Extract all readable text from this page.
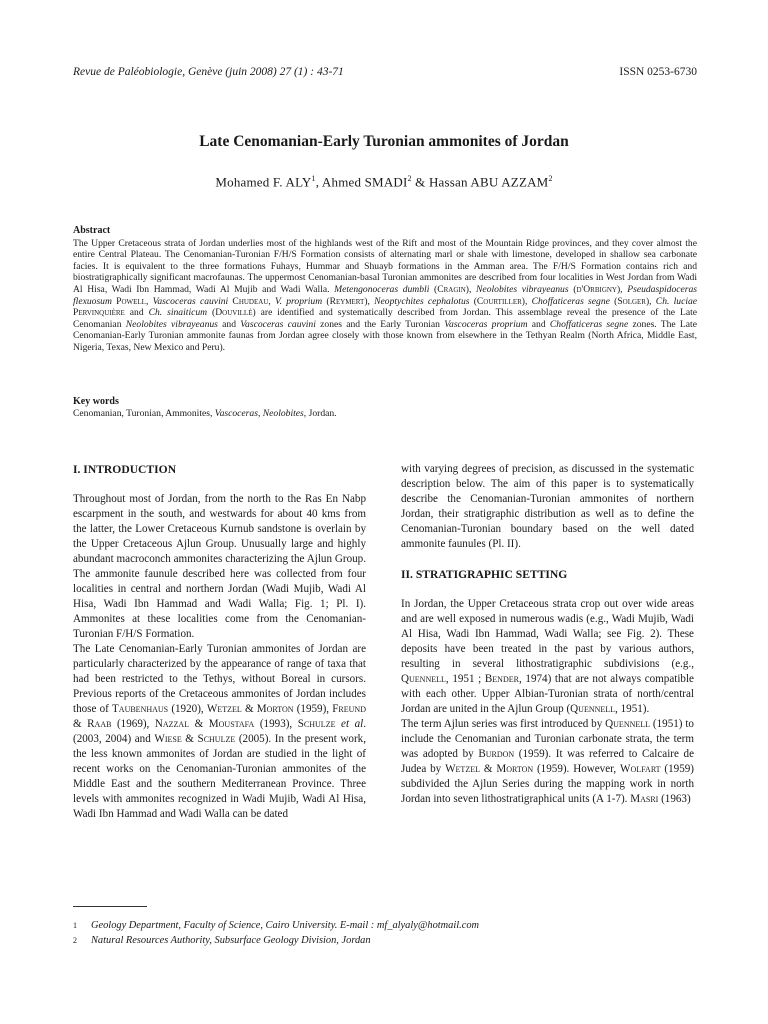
Revue de Paléobiologie, Genève (juin 2008) 27 (1) : 43-71	ISSN 0253-6730
Late Cenomanian-Early Turonian ammonites of Jordan
Mohamed F. ALY$^1$, Ahmed SMADI$^2$ & Hassan ABU AZZAM$^2$
Abstract
The Upper Cretaceous strata of Jordan underlies most of the highlands west of the Rift and most of the Mountain Ridge provinces, and they cover almost the entire Central Plateau. The Cenomanian-Turonian F/H/S Formation consists of alternating marl or shale with limestone, developed in shallow sea carbonate facies. It is equivalent to the three formations Fuhays, Hummar and Shuayb formations in the Amman area. The F/H/S Formation contains rich and biostratigraphically significant macrofaunas. The uppermost Cenomanian-basal Turonian ammonites are described from four localities in West Jordan from Wadi Al Hisa, Wadi Ibn Hammad, Wadi Al Mujib and Wadi Walla. Metengonoceras dumbli (Cragin), Neolobites vibrayeanus (d'Orbigny), Pseudaspidoceras flexuosum Powell, Vascoceras cauvini Chudeau, V. proprium (Reymert), Neoptychites cephalotus (Courtiller), Choffaticeras segne (Solger), Ch. luciae Pervinquière and Ch. sinaiticum (Douvillé) are identified and systematically described from Jordan. This assemblage reveal the presence of the Late Cenomanian Neolobites vibrayeanus and Vascoceras cauvini zones and the Early Turonian Vascoceras proprium and Choffaticeras segne zones. The Late Cenomanian-Early Turonian ammonite faunas from Jordan agree closely with those known from elsewhere in the Tethyan Realm (North Africa, Middle East, Nigeria, Texas, New Mexico and Peru).
Key words
Cenomanian, Turonian, Ammonites, Vascoceras, Neolobites, Jordan.
I. INTRODUCTION

Throughout most of Jordan, from the north to the Ras En Nabp escarpment in the south, and westwards for about 40 kms from the latter, the Lower Cretaceous Kurnub sandstone is overlain by the Upper Cretaceous Ajlun Group. Unusually large and highly abundant macroconch ammonites characterizing the Ajlun Group. The ammonite faunule described here was collected from four localities in central and northern Jordan (Wadi Mujib, Wadi Al Hisa, Wadi Ibn Hammad and Wadi Walla; Fig. 1; Pl. I). Ammonites at these localities come from the Cenomanian-Turonian F/H/S Formation.

The Late Cenomanian-Early Turonian ammonites of Jordan are particularly characterized by the appearance of range of taxa that had been restricted to the Tethys, without Boreal in cursors. Previous reports of the Cretaceous ammonites of Jordan includes those of Taubenhaus (1920), Wetzel & Morton (1959), Freund & Raab (1969), Nazzal & Moustafa (1993), Schulze et al. (2003, 2004) and Wiese & Schulze (2005). In the present work, the less known ammonites of Jordan are studied in the light of recent works on the Cenomanian-Turonian ammonites of the Middle East and the southern Mediterranean Province. Three levels with ammonites recognized in Wadi Mujib, Wadi Al Hisa, Wadi Ibn Hammad and Wadi Walla can be dated

with varying degrees of precision, as discussed in the systematic description below. The aim of this paper is to systematically describe the Cenomanian-Turonian ammonites of northern Jordan, their stratigraphic distribution as well as to define the Cenomanian-Turonian boundary based on the well dated ammonite faunules (Pl. II).

II. STRATIGRAPHIC SETTING

In Jordan, the Upper Cretaceous strata crop out over wide areas and are well exposed in numerous wadis (e.g., Wadi Mujib, Wadi Al Hisa, Wadi Ibn Hammad, Wadi Walla; see Fig. 2). These deposits have been treated in the past by various authors, resulting in several lithostratigraphic subdivisions (e.g., Quennell, 1951 ; Bender, 1974) that are not always compatible with each other. Upper Albian-Turonian strata of north/central Jordan are united in the Ajlun Group (Quennell, 1951).

The term Ajlun series was first introduced by Quennell (1951) to include the Cenomanian and Turonian carbonate strata, the term was adopted by Burdon (1959). It was referred to Calcaire de Judea by Wetzel & Morton (1959). However, Wolfart (1959) subdivided the Ajlun Series during the mapping work in north Jordan into seven lithostratigraphical units (A 1-7). Masri (1963)

1	Geology Department, Faculty of Science, Cairo University. E-mail : mf_alyaly@hotmail.com
2	Natural Resources Authority, Subsurface Geology Division, Jordan
